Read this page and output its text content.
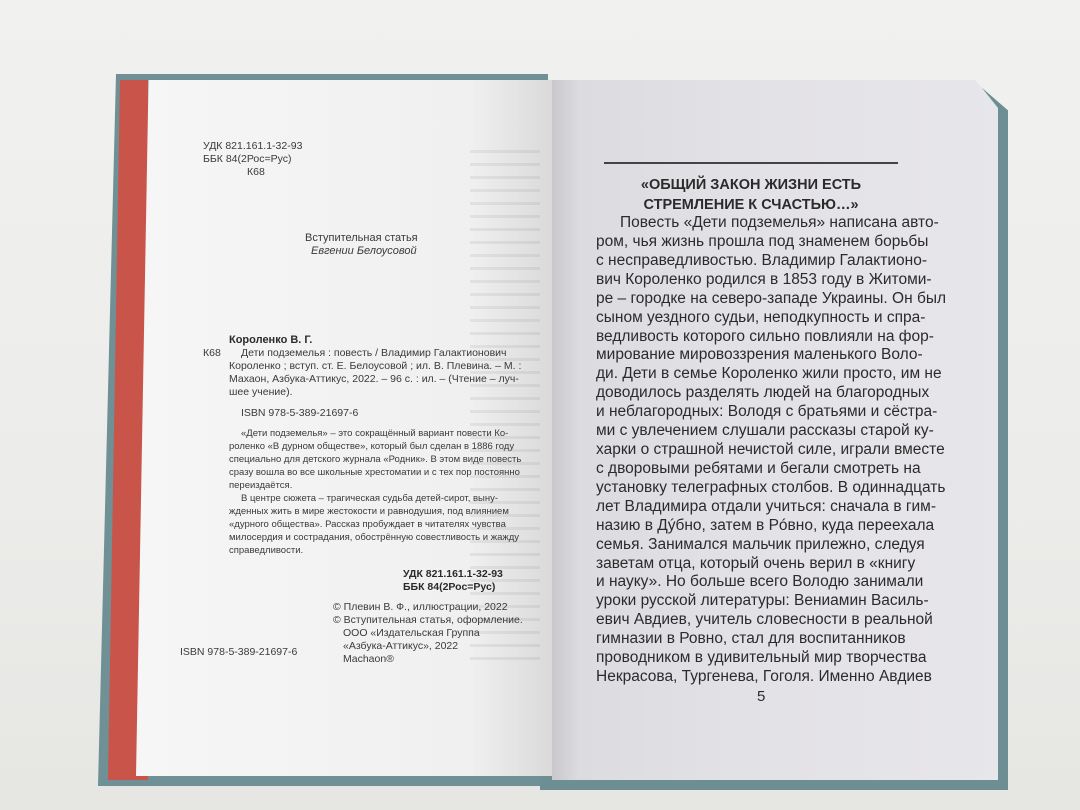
УДК 821.161.1-32-93
ББК 84(2Рос=Рус)
К68
Вступительная статья
Евгении Белоусовой
Короленко В. Г.
К68 Дети подземелья : повесть / Владимир Галактионович
Короленко ; вступ. ст. Е. Белоусовой ; ил. В. Плевина. – М. :
Махаон, Азбука-Аттикус, 2022. – 96 с. : ил. – (Чтение – луч-
шее учение).
ISBN 978-5-389-21697-6
«Дети подземелья» – это сокращённый вариант повести Ко-
роленко «В дурном обществе», который был сделан в 1886 году
специально для детского журнала «Родник». В этом виде повесть
сразу вошла во все школьные хрестоматии и с тех пор постоянно
переиздаётся.
В центре сюжета – трагическая судьба детей-сирот, выну-
жденных жить в мире жестокости и равнодушия, под влиянием
«дурного общества». Рассказ пробуждает в читателях чувства
милосердия и сострадания, обострённую совестливость и жажду
справедливости.
УДК 821.161.1-32-93
ББК 84(2Рос=Рус)
© Плевин В. Ф., иллюстрации, 2022
© Вступительная статья, оформление.
ООО «Издательская Группа
«Азбука-Аттикус», 2022
Machaon®
ISBN 978-5-389-21697-6
«ОБЩИЙ ЗАКОН ЖИЗНИ ЕСТЬ
СТРЕМЛЕНИЕ К СЧАСТЬЮ…»
Повесть «Дети подземелья» написана авто-
ром, чья жизнь прошла под знаменем борьбы
с несправедливостью. Владимир Галактионо-
вич Короленко родился в 1853 году в Житоми-
ре – городке на северо-западе Украины. Он был
сыном уездного судьи, неподкупность и спра-
ведливость которого сильно повлияли на фор-
мирование мировоззрения маленького Воло-
ди. Дети в семье Короленко жили просто, им не
доводилось разделять людей на благородных
и неблагородных: Володя с братьями и сёстра-
ми с увлечением слушали рассказы старой ку-
харки о страшной нечистой силе, играли вместе
с дворовыми ребятами и бегали смотреть на
установку телеграфных столбов. В одиннадцать
лет Владимира отдали учиться: сначала в гим-
назию в Дýбно, затем в Рóвно, куда переехала
семья. Занимался мальчик прилежно, следуя
заветам отца, который очень верил в «книгу
и науку». Но больше всего Володю занимали
уроки русской литературы: Вениамин Василь-
евич Авдиев, учитель словесности в реальной
гимназии в Ровно, стал для воспитанников
проводником в удивительный мир творчества
Некрасова, Тургенева, Гоголя. Именно Авдиев
5
